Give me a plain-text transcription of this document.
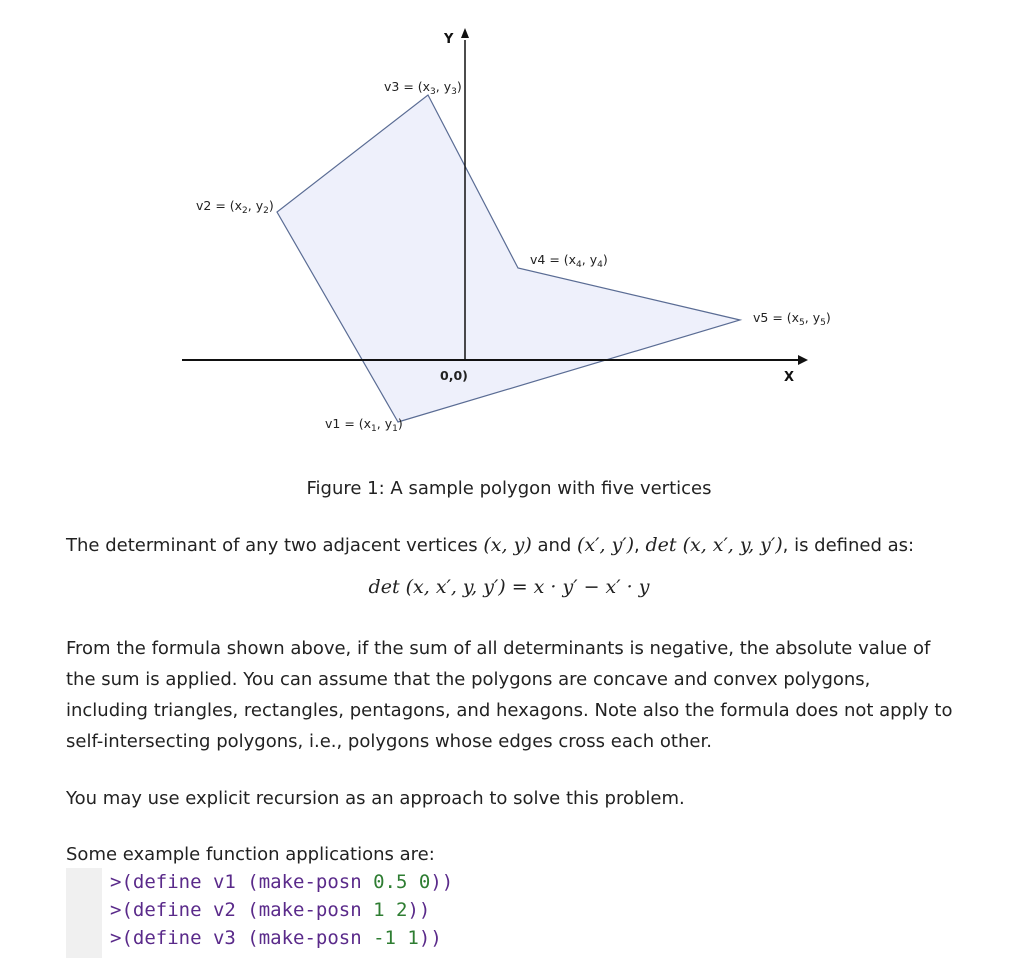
Y
X
0,0)
$v3 = (x_3$, $y_3$)
$v2 = (x_2$, $y_2$)
$v4 = (x_4$, $y_4$)
$v5 = (x_5$, $y_5$)
$v1 = (x_1$, $y_1$)
Figure 1: A sample polygon with five vertices

The determinant of any two adjacent vertices (x, y) and (x′, y′), det (x, x′, y, y′), is defined as:

det (x, x′, y, y′) = x · y′ − x′ · y

From the formula shown above, if the sum of all determinants is negative, the absolute value of the sum is applied. You can assume that the polygons are concave and convex polygons, including triangles, rectangles, pentagons, and hexagons. Note also the formula does not apply to self-intersecting polygons, i.e., polygons whose edges cross each other.

You may use explicit recursion as an approach to solve this problem.

Some example function applications are:

>(define v1 (make-posn 0.5 0))
>(define v2 (make-posn 1 2))
>(define v3 (make-posn -1 1))
